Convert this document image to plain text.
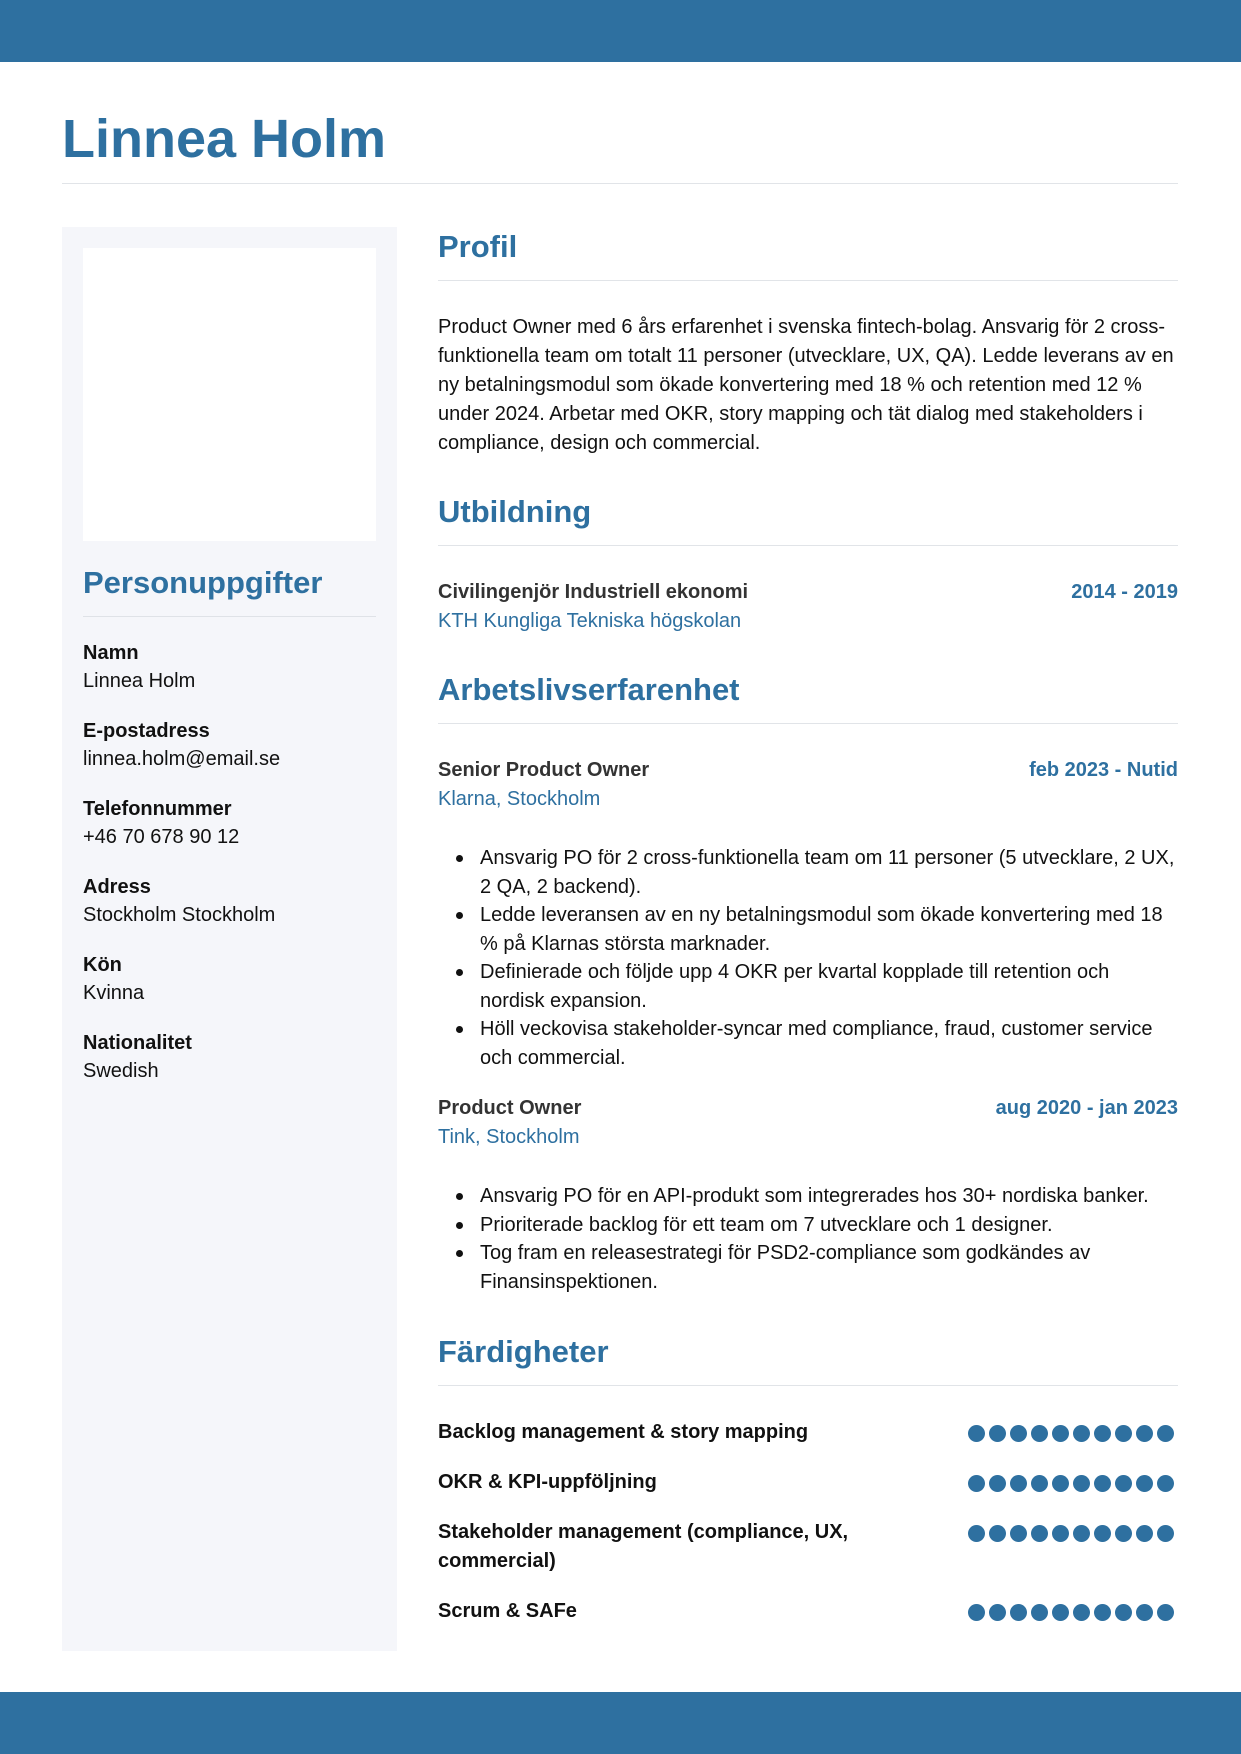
Linnea Holm
Personuppgifter
Namn
Linnea Holm
E-postadress
linnea.holm@email.se
Telefonnummer
+46 70 678 90 12
Adress
Stockholm Stockholm
Kön
Kvinna
Nationalitet
Swedish
Profil

Product Owner med 6 års erfarenhet i svenska fintech-bolag. Ansvarig för 2 cross-funktionella team om totalt 11 personer (utvecklare, UX, QA). Ledde leverans av en ny betalningsmodul som ökade konvertering med 18 % och retention med 12 % under 2024. Arbetar med OKR, story mapping och tät dialog med stakeholders i compliance, design och commercial.

Utbildning
Civilingenjör Industriell ekonomi	2014 - 2019
KTH Kungliga Tekniska högskolan
Arbetslivserfarenhet
Senior Product Owner	feb 2023 - Nutid
Klarna, Stockholm
Ansvarig PO för 2 cross-funktionella team om 11 personer (5 utvecklare, 2 UX, 2 QA, 2 backend).
Ledde leveransen av en ny betalningsmodul som ökade konvertering med 18 % på Klarnas största marknader.
Definierade och följde upp 4 OKR per kvartal kopplade till retention och nordisk expansion.
Höll veckovisa stakeholder-syncar med compliance, fraud, customer service och commercial.
Product Owner	aug 2020 - jan 2023
Tink, Stockholm
Ansvarig PO för en API-produkt som integrerades hos 30+ nordiska banker.
Prioriterade backlog för ett team om 7 utvecklare och 1 designer.
Tog fram en releasestrategi för PSD2-compliance som godkändes av Finansinspektionen.
Färdigheter
Backlog management & story mapping
OKR & KPI-uppföljning
Stakeholder management (compliance, UX, commercial)
Scrum & SAFe
